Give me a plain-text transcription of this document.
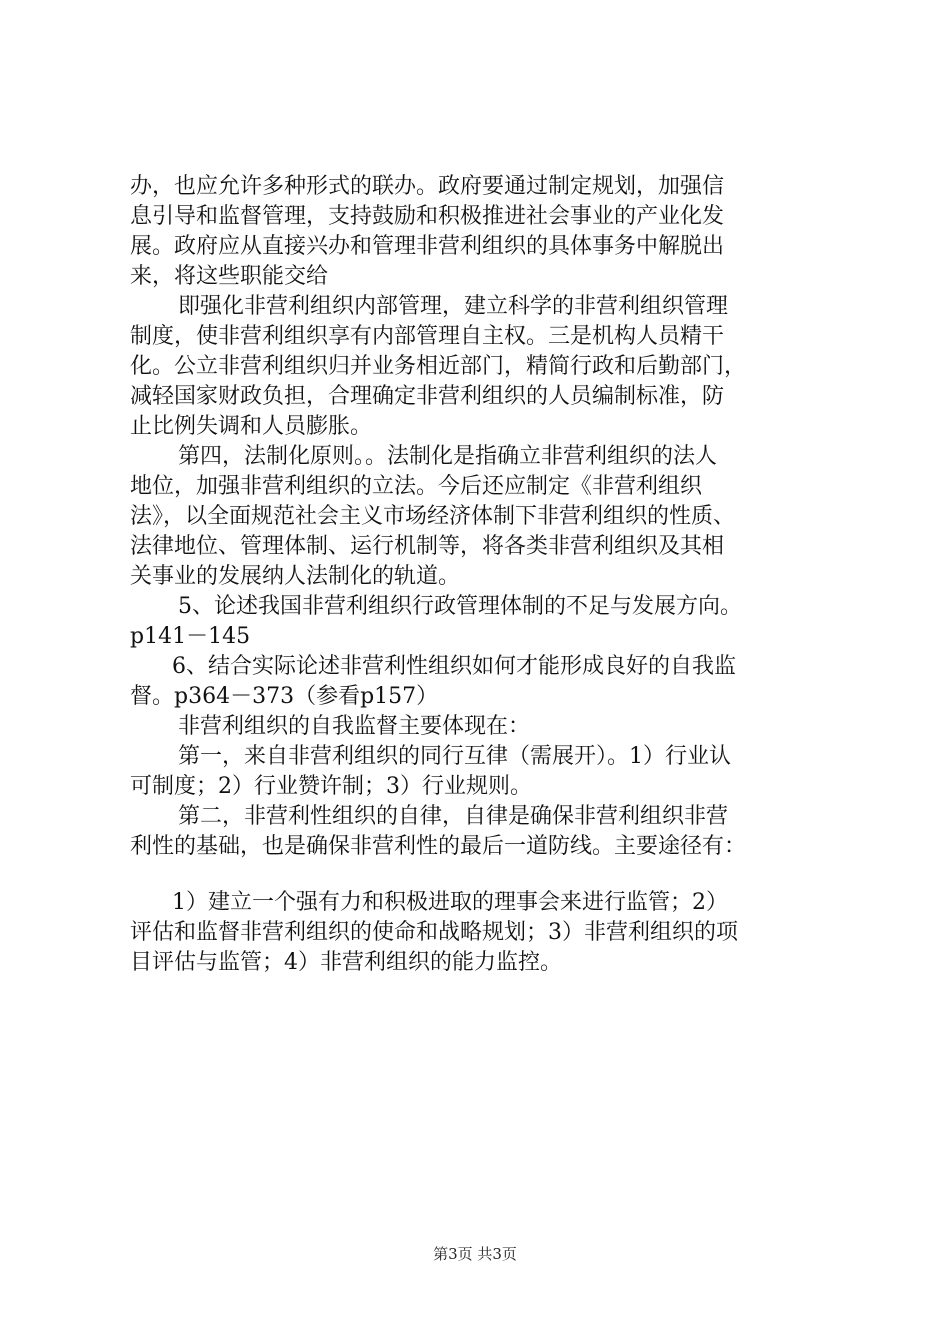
办，也应允许多种形式的联办。政府要通过制定规划，加强信
息引导和监督管理，支持鼓励和积极推进社会事业的产业化发
展。政府应从直接兴办和管理非营利组织的具体事务中解脱出
来，将这些职能交给
即强化非营利组织内部管理，建立科学的非营利组织管理
制度，使非营利组织享有内部管理自主权。三是机构人员精干
化。公立非营利组织归并业务相近部门，精简行政和后勤部门，
减轻国家财政负担，合理确定非营利组织的人员编制标准，防
止比例失调和人员膨胀。
第四，法制化原则。。法制化是指确立非营利组织的法人
地位，加强非营利组织的立法。今后还应制定《非营利组织
法》，以全面规范社会主义市场经济体制下非营利组织的性质、
法律地位、管理体制、运行机制等，将各类非营利组织及其相
关事业的发展纳人法制化的轨道。
5、论述我国非营利组织行政管理体制的不足与发展方向。
p141－145
6、结合实际论述非营利性组织如何才能形成良好的自我监
督。p364－373（参看p157）
非营利组织的自我监督主要体现在：
第一，来自非营利组织的同行互律（需展开）。1）行业认
可制度；2）行业赞许制；3）行业规则。
第二，非营利性组织的自律，自律是确保非营利组织非营
利性的基础，也是确保非营利性的最后一道防线。主要途径有：
1）建立一个强有力和积极进取的理事会来进行监管；2）
评估和监督非营利组织的使命和战略规划；3）非营利组织的项
目评估与监管；4）非营利组织的能力监控。
第3页 共3页
